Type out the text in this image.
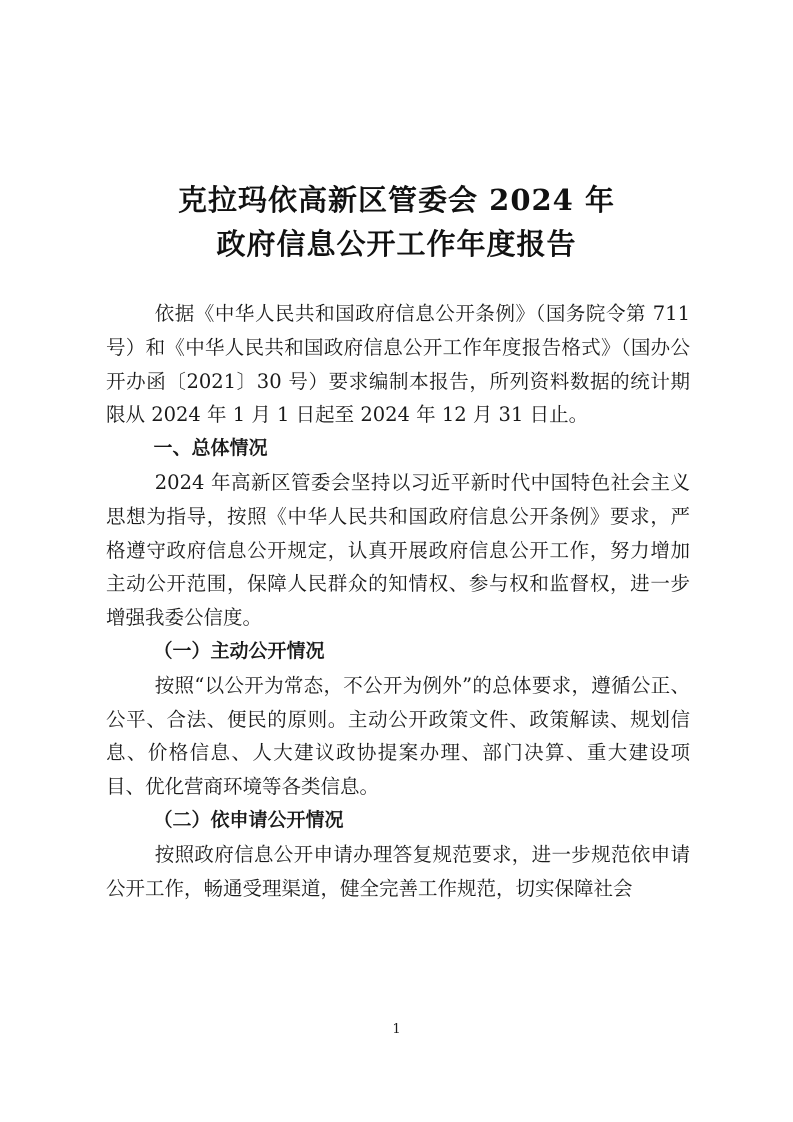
克拉玛依高新区管委会 2024 年
政府信息公开工作年度报告

依据《中华人民共和国政府信息公开条例》（国务院令第 711 号）和《中华人民共和国政府信息公开工作年度报告格式》（国办公开办函〔2021〕30 号）要求编制本报告，所列资料数据的统计期限从 2024 年 1 月 1 日起至 2024 年 12 月 31 日止。

一、总体情况

2024 年高新区管委会坚持以习近平新时代中国特色社会主义思想为指导，按照《中华人民共和国政府信息公开条例》要求，严格遵守政府信息公开规定，认真开展政府信息公开工作，努力增加主动公开范围，保障人民群众的知情权、参与权和监督权，进一步增强我委公信度。

（一）主动公开情况

按照“以公开为常态，不公开为例外”的总体要求，遵循公正、公平、合法、便民的原则。主动公开政策文件、政策解读、规划信息、价格信息、人大建议政协提案办理、部门决算、重大建设项目、优化营商环境等各类信息。

（二）依申请公开情况

按照政府信息公开申请办理答复规范要求，进一步规范依申请公开工作，畅通受理渠道，健全完善工作规范，切实保障社会

1
